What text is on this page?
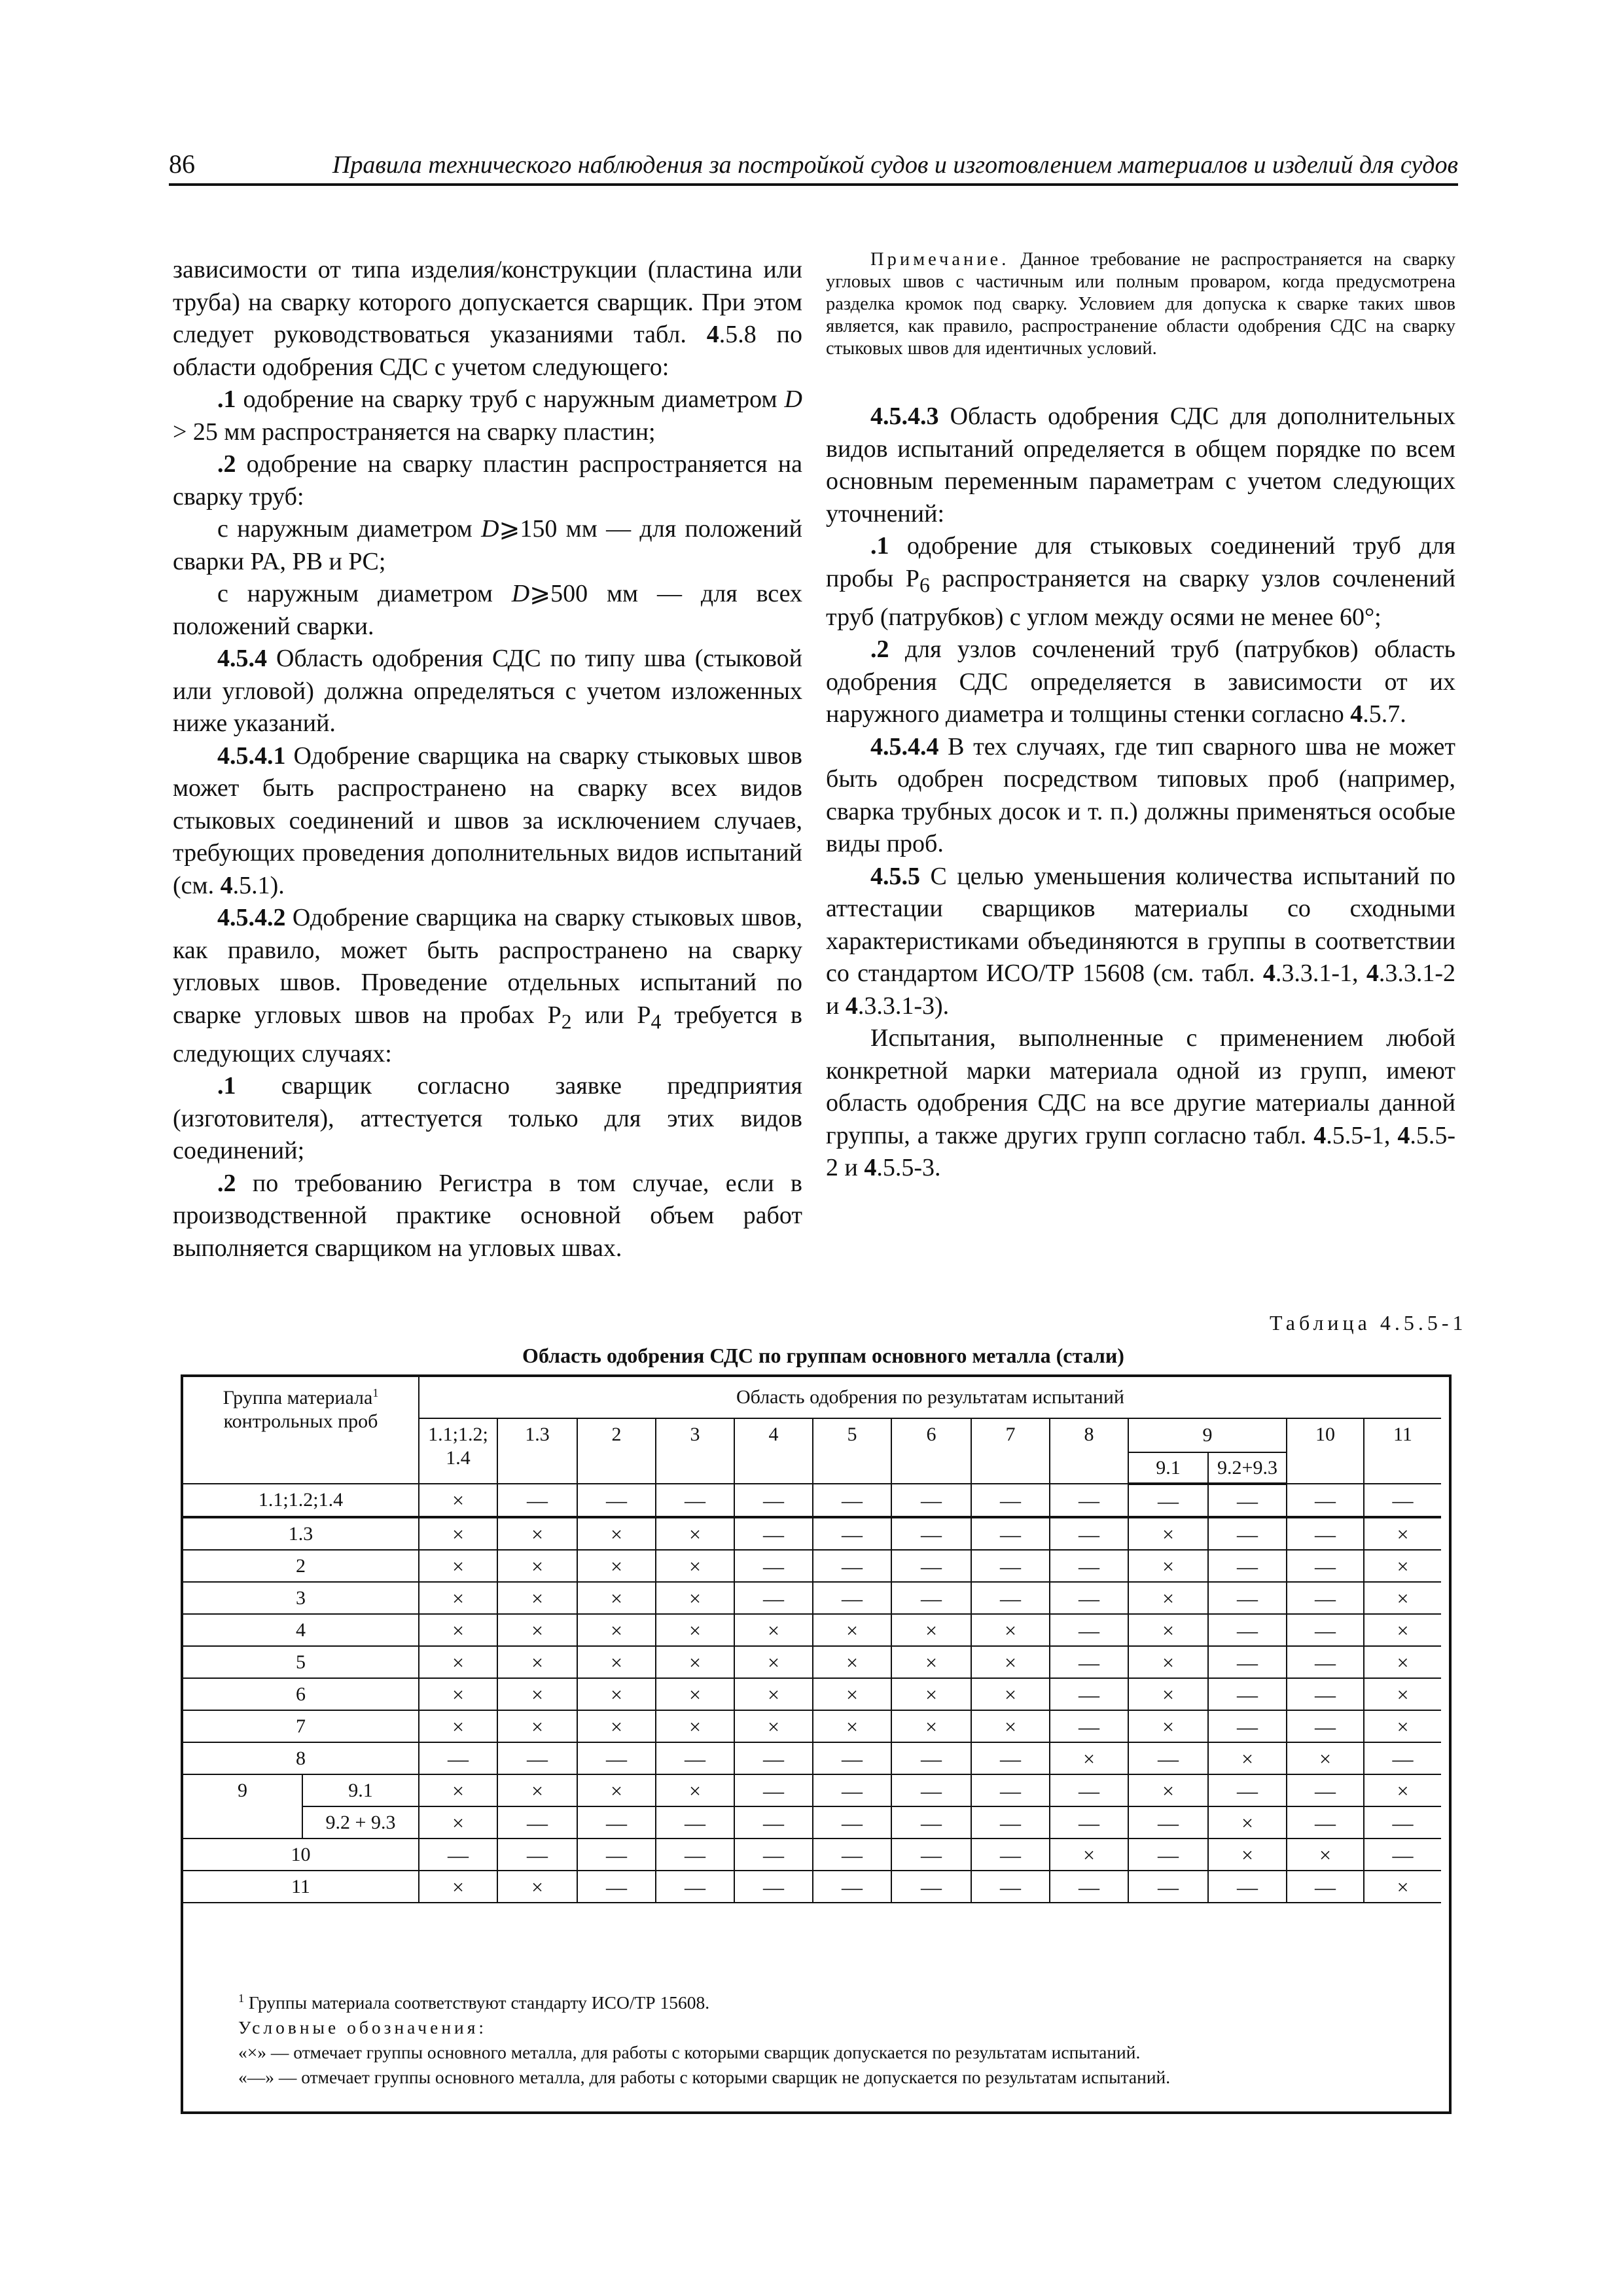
86	Правила технического наблюдения за постройкой судов и изготовлением материалов и изделий для судов

зависимости от типа изделия/конструкции (пластина или труба) на сварку которого допускается сварщик. При этом следует руководствоваться указаниями табл. 4.5.8 по области одобрения СДС с учетом следующего:

.1 одобрение на сварку труб с наружным диаметром D > 25 мм распространяется на сварку пластин;

.2 одобрение на сварку пластин распространяется на сварку труб:

с наружным диаметром D⩾150 мм — для положений сварки PA, PB и PC;

с наружным диаметром D⩾500 мм — для всех положений сварки.

4.5.4 Область одобрения СДС по типу шва (стыковой или угловой) должна определяться с учетом изложенных ниже указаний.

4.5.4.1 Одобрение сварщика на сварку стыковых швов может быть распространено на сварку всех видов стыковых соединений и швов за исключением случаев, требующих проведения дополнительных видов испытаний (см. 4.5.1).

4.5.4.2 Одобрение сварщика на сварку стыковых швов, как правило, может быть распространено на сварку угловых швов. Проведение отдельных испытаний по сварке угловых швов на пробах $P_2$ или $P_4$ требуется в следующих случаях:

.1 сварщик согласно заявке предприятия (изготовителя), аттестуется только для этих видов соединений;

.2 по требованию Регистра в том случае, если в производственной практике основной объем работ выполняется сварщиком на угловых швах.

Примечание. Данное требование не распространяется на сварку угловых швов с частичным или полным проваром, когда предусмотрена разделка кромок под сварку. Условием для допуска к сварке таких швов является, как правило, распространение области одобрения СДС на сварку стыковых швов для идентичных условий.

4.5.4.3 Область одобрения СДС для дополнительных видов испытаний определяется в общем порядке по всем основным переменным параметрам с учетом следующих уточнений:

.1 одобрение для стыковых соединений труб для пробы $P_6$ распространяется на сварку узлов сочленений труб (патрубков) с углом между осями не менее 60°;

.2 для узлов сочленений труб (патрубков) область одобрения СДС определяется в зависимости от их наружного диаметра и толщины стенки согласно 4.5.7.

4.5.4.4 В тех случаях, где тип сварного шва не может быть одобрен посредством типовых проб (например, сварка трубных досок и т. п.) должны применяться особые виды проб.

4.5.5 С целью уменьшения количества испытаний по аттестации сварщиков материалы со сходными характеристиками объединяются в группы в соответствии со стандартом ИСО/ТР 15608 (см. табл. 4.3.3.1-1, 4.3.3.1-2 и 4.3.3.1-3).

Испытания, выполненные с применением любой конкретной марки материала одной из групп, имеют область одобрения СДС на все другие материалы данной группы, а также других групп согласно табл. 4.5.5-1, 4.5.5-2 и 4.5.5-3.

Таблица 4.5.5-1
Область одобрения СДС по группам основного металла (стали)
Группа материала$^1$
контрольных проб		Область одобрения по результатам испытаний												
		1.1;1.2; 1.4	1.3	2	3	4	5	6	7	8	9		10	11
											9.1	9.2+9.3		
1.1;1.2;1.4		×	—	—	—	—	—	—	—	—	—	—	—	—
1.3		×	×	×	×	—	—	—	—	—	×	—	—	×
2		×	×	×	×	—	—	—	—	—	×	—	—	×
3		×	×	×	×	—	—	—	—	—	×	—	—	×
4		×	×	×	×	×	×	×	×	—	×	—	—	×
5		×	×	×	×	×	×	×	×	—	×	—	—	×
6		×	×	×	×	×	×	×	×	—	×	—	—	×
7		×	×	×	×	×	×	×	×	—	×	—	—	×
8		—	—	—	—	—	—	—	—	×	—	×	×	—
9	9.1	×	×	×	×	—	—	—	—	—	×	—	—	×
	9.2 + 9.3	×	—	—	—	—	—	—	—	—	—	×	—	—
10		—	—	—	—	—	—	—	—	×	—	×	×	—
11		×	×	—	—	—	—	—	—	—	—	—	—	×
$^1$ Группы материала соответствуют стандарту ИСО/ТР 15608.
Условные обозначения:
«×» — отмечает группы основного металла, для работы с которыми сварщик допускается по результатам испытаний.
«—» — отмечает группы основного металла, для работы с которыми сварщик не допускается по результатам испытаний.
